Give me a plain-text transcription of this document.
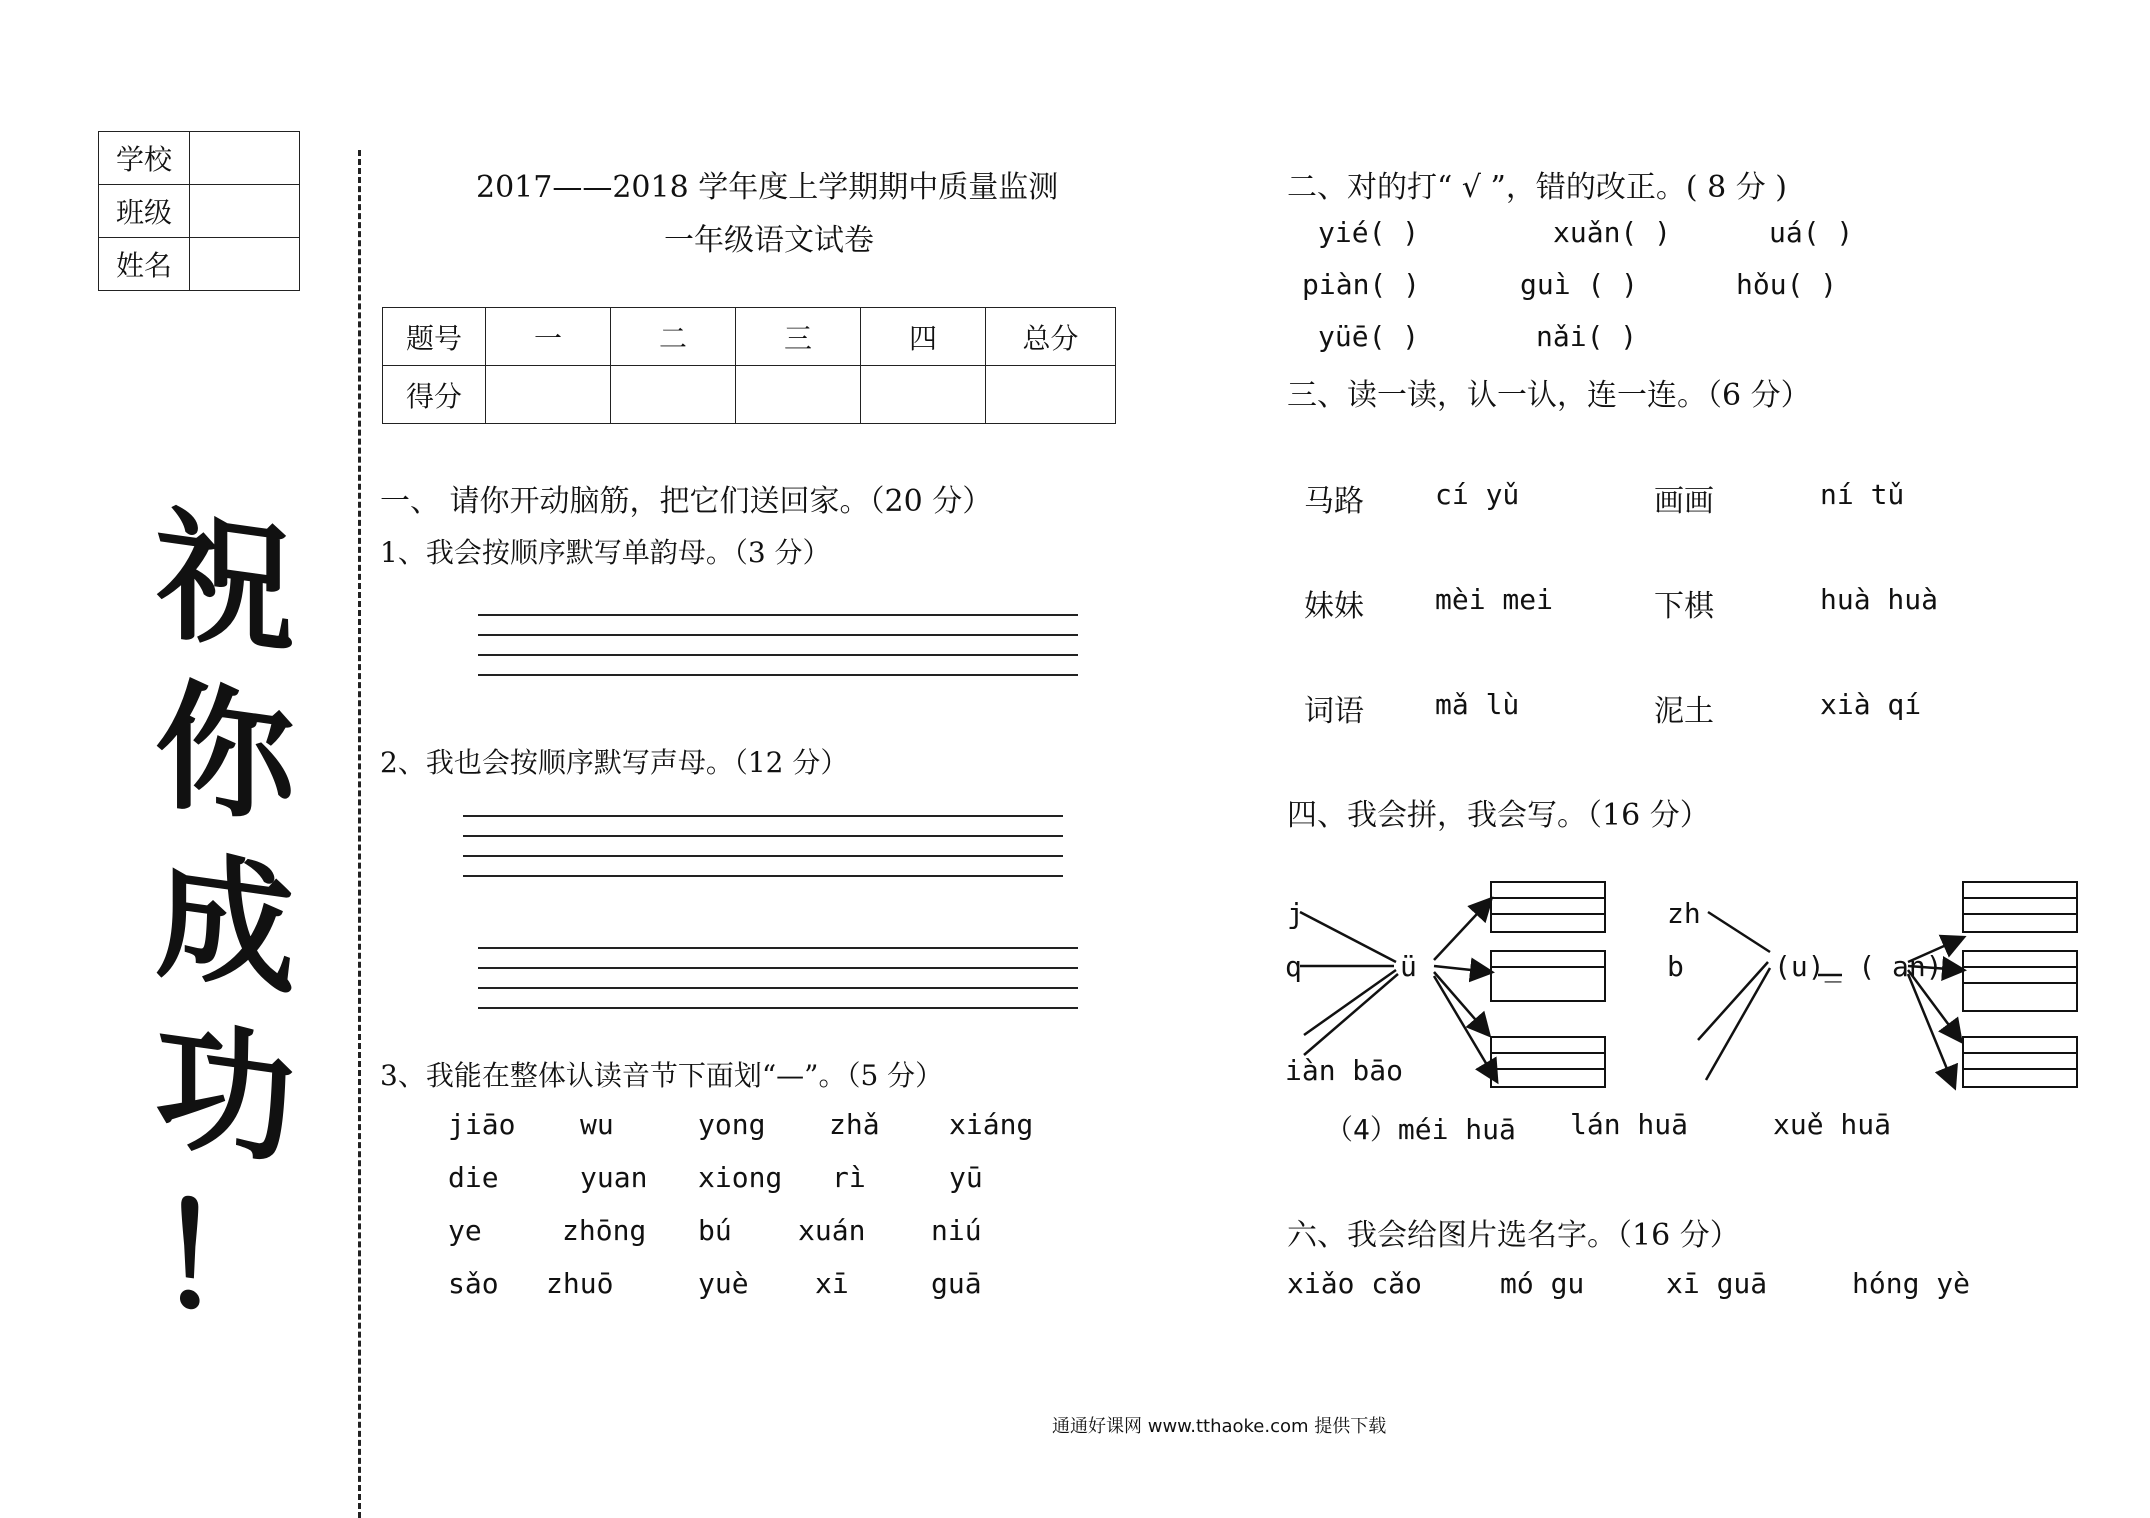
学校	
班级	
姓名	
祝
你
成
功
！
2017——2018 学年度上学期期中质量监测
一年级语文试卷
题号	一	二	三	四	总分
得分					
一、 请你开动脑筋，把它们送回家。（20 分）
1、我会按顺序默写单韵母。（3 分）
2、我也会按顺序默写声母。（12 分）
3、我能在整体认读音节下面划“—”。（5 分）
jiāo wu	yong zhǎ xiáng
die	yuan xiong rì	yū
ye	zhōng bú xuán niú
sǎo zhuō	yuè xī	guā
二、对的打“ √ ”，错的改正。( 8 分 )
yié( )	xuǎn( )	uá( )
piàn( )	guì ( )	hǒu( )
yüē( )	nǎi( )
三、读一读，认一认，连一连。（6 分）
马路	cí yǔ	画画	ní tǔ
妹妹	mèi mei	下棋	huà huà
词语	mǎ lù	泥土	xià qí
四、我会拼，我会写。（16 分）
j
q	ü
iàn bāo
zh
b	(u)_ ( an)
（4）méi huā lán huā	xuě huā
六、我会给图片选名字。（16 分）
xiǎo cǎo	mó gu	xī guā	hóng yè
通通好课网 www.tthaoke.com 提供下载
